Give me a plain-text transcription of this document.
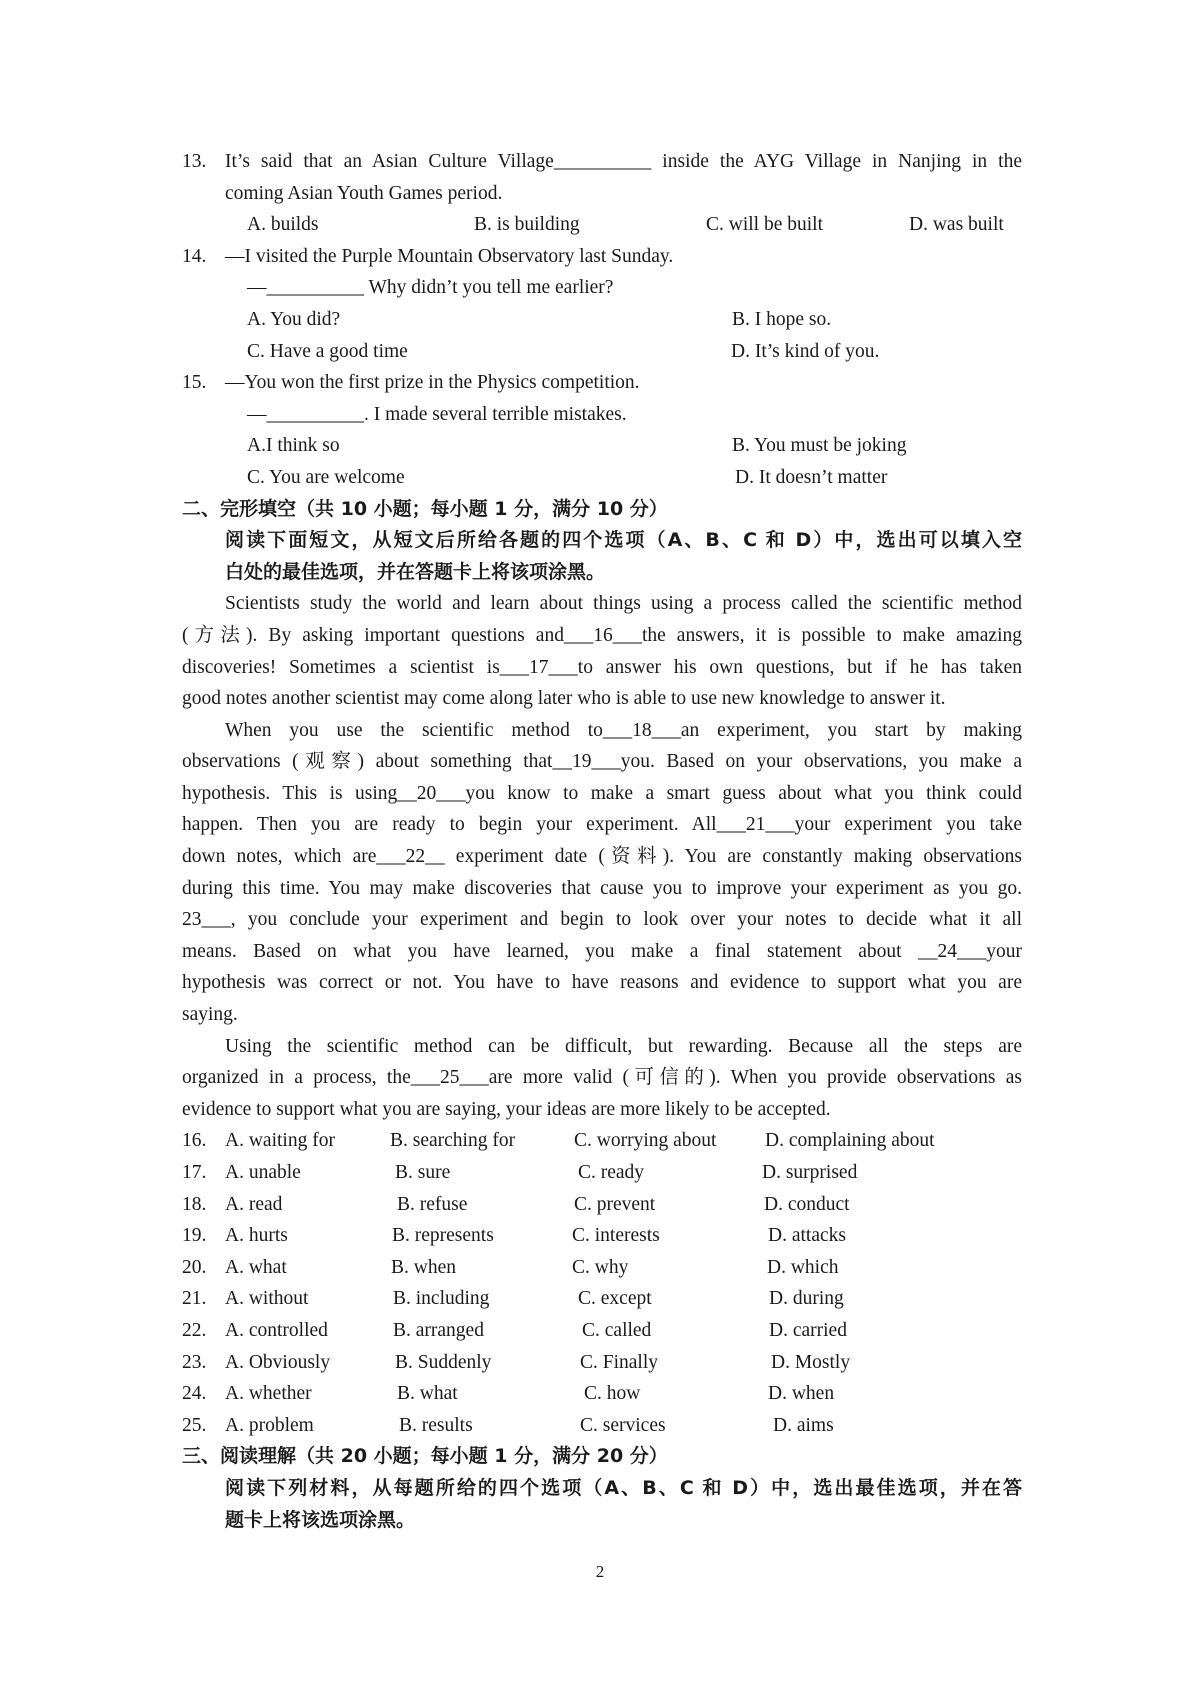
13. It’s said that an Asian Culture Village__________ inside the AYG Village in Nanjing in the
coming Asian Youth Games period.
A. builds	B. is building	C. will be built	D. was built
14. —I visited the Purple Mountain Observatory last Sunday.
—__________ Why didn’t you tell me earlier?
A. You did?	B. I hope so.
C. Have a good time	D. It’s kind of you.
15. —You won the first prize in the Physics competition.
—__________. I made several terrible mistakes.
A.I think so	B. You must be joking
C. You are welcome	D. It doesn’t matter
二、完形填空（共 10 小题；每小题 1 分，满分 10 分）
阅读下面短文，从短文后所给各题的四个选项（A、B、C 和 D）中，选出可以填入空
白处的最佳选项，并在答题卡上将该项涂黑。
Scientists study the world and learn about things using a process called the scientific method
(方法). By asking important questions and___16___the answers, it is possible to make amazing
discoveries! Sometimes a scientist is___17___to answer his own questions, but if he has taken
good notes another scientist may come along later who is able to use new knowledge to answer it.
When you use the scientific method to___18___an experiment, you start by making
observations (观察) about something that__19___you. Based on your observations, you make a
hypothesis. This is using__20___you know to make a smart guess about what you think could
happen. Then you are ready to begin your experiment. All___21___your experiment you take
down notes, which are___22__ experiment date (资料). You are constantly making observations
during this time. You may make discoveries that cause you to improve your experiment as you go.
23___, you conclude your experiment and begin to look over your notes to decide what it all
means. Based on what you have learned, you make a final statement about __24___your
hypothesis was correct or not. You have to have reasons and evidence to support what you are
saying.
Using the scientific method can be difficult, but rewarding. Because all the steps are
organized in a process, the___25___are more valid (可信的). When you provide observations as
evidence to support what you are saying, your ideas are more likely to be accepted.
16. A. waiting for	B. searching for	C. worrying about D. complaining about
17. A. unable	B. sure	C. ready	D. surprised
18. A. read	B. refuse	C. prevent	D. conduct
19. A. hurts	B. represents	C. interests	D. attacks
20. A. what	B. when	C. why	D. which
21. A. without	B. including	C. except	D. during
22. A. controlled	B. arranged	C. called	D. carried
23. A. Obviously	B. Suddenly	C. Finally	D. Mostly
24. A. whether	B. what	C. how	D. when
25. A. problem	B. results	C. services	D. aims
三、阅读理解（共 20 小题；每小题 1 分，满分 20 分）
阅读下列材料，从每题所给的四个选项（A、B、C 和 D）中，选出最佳选项，并在答
题卡上将该选项涂黑。
2
